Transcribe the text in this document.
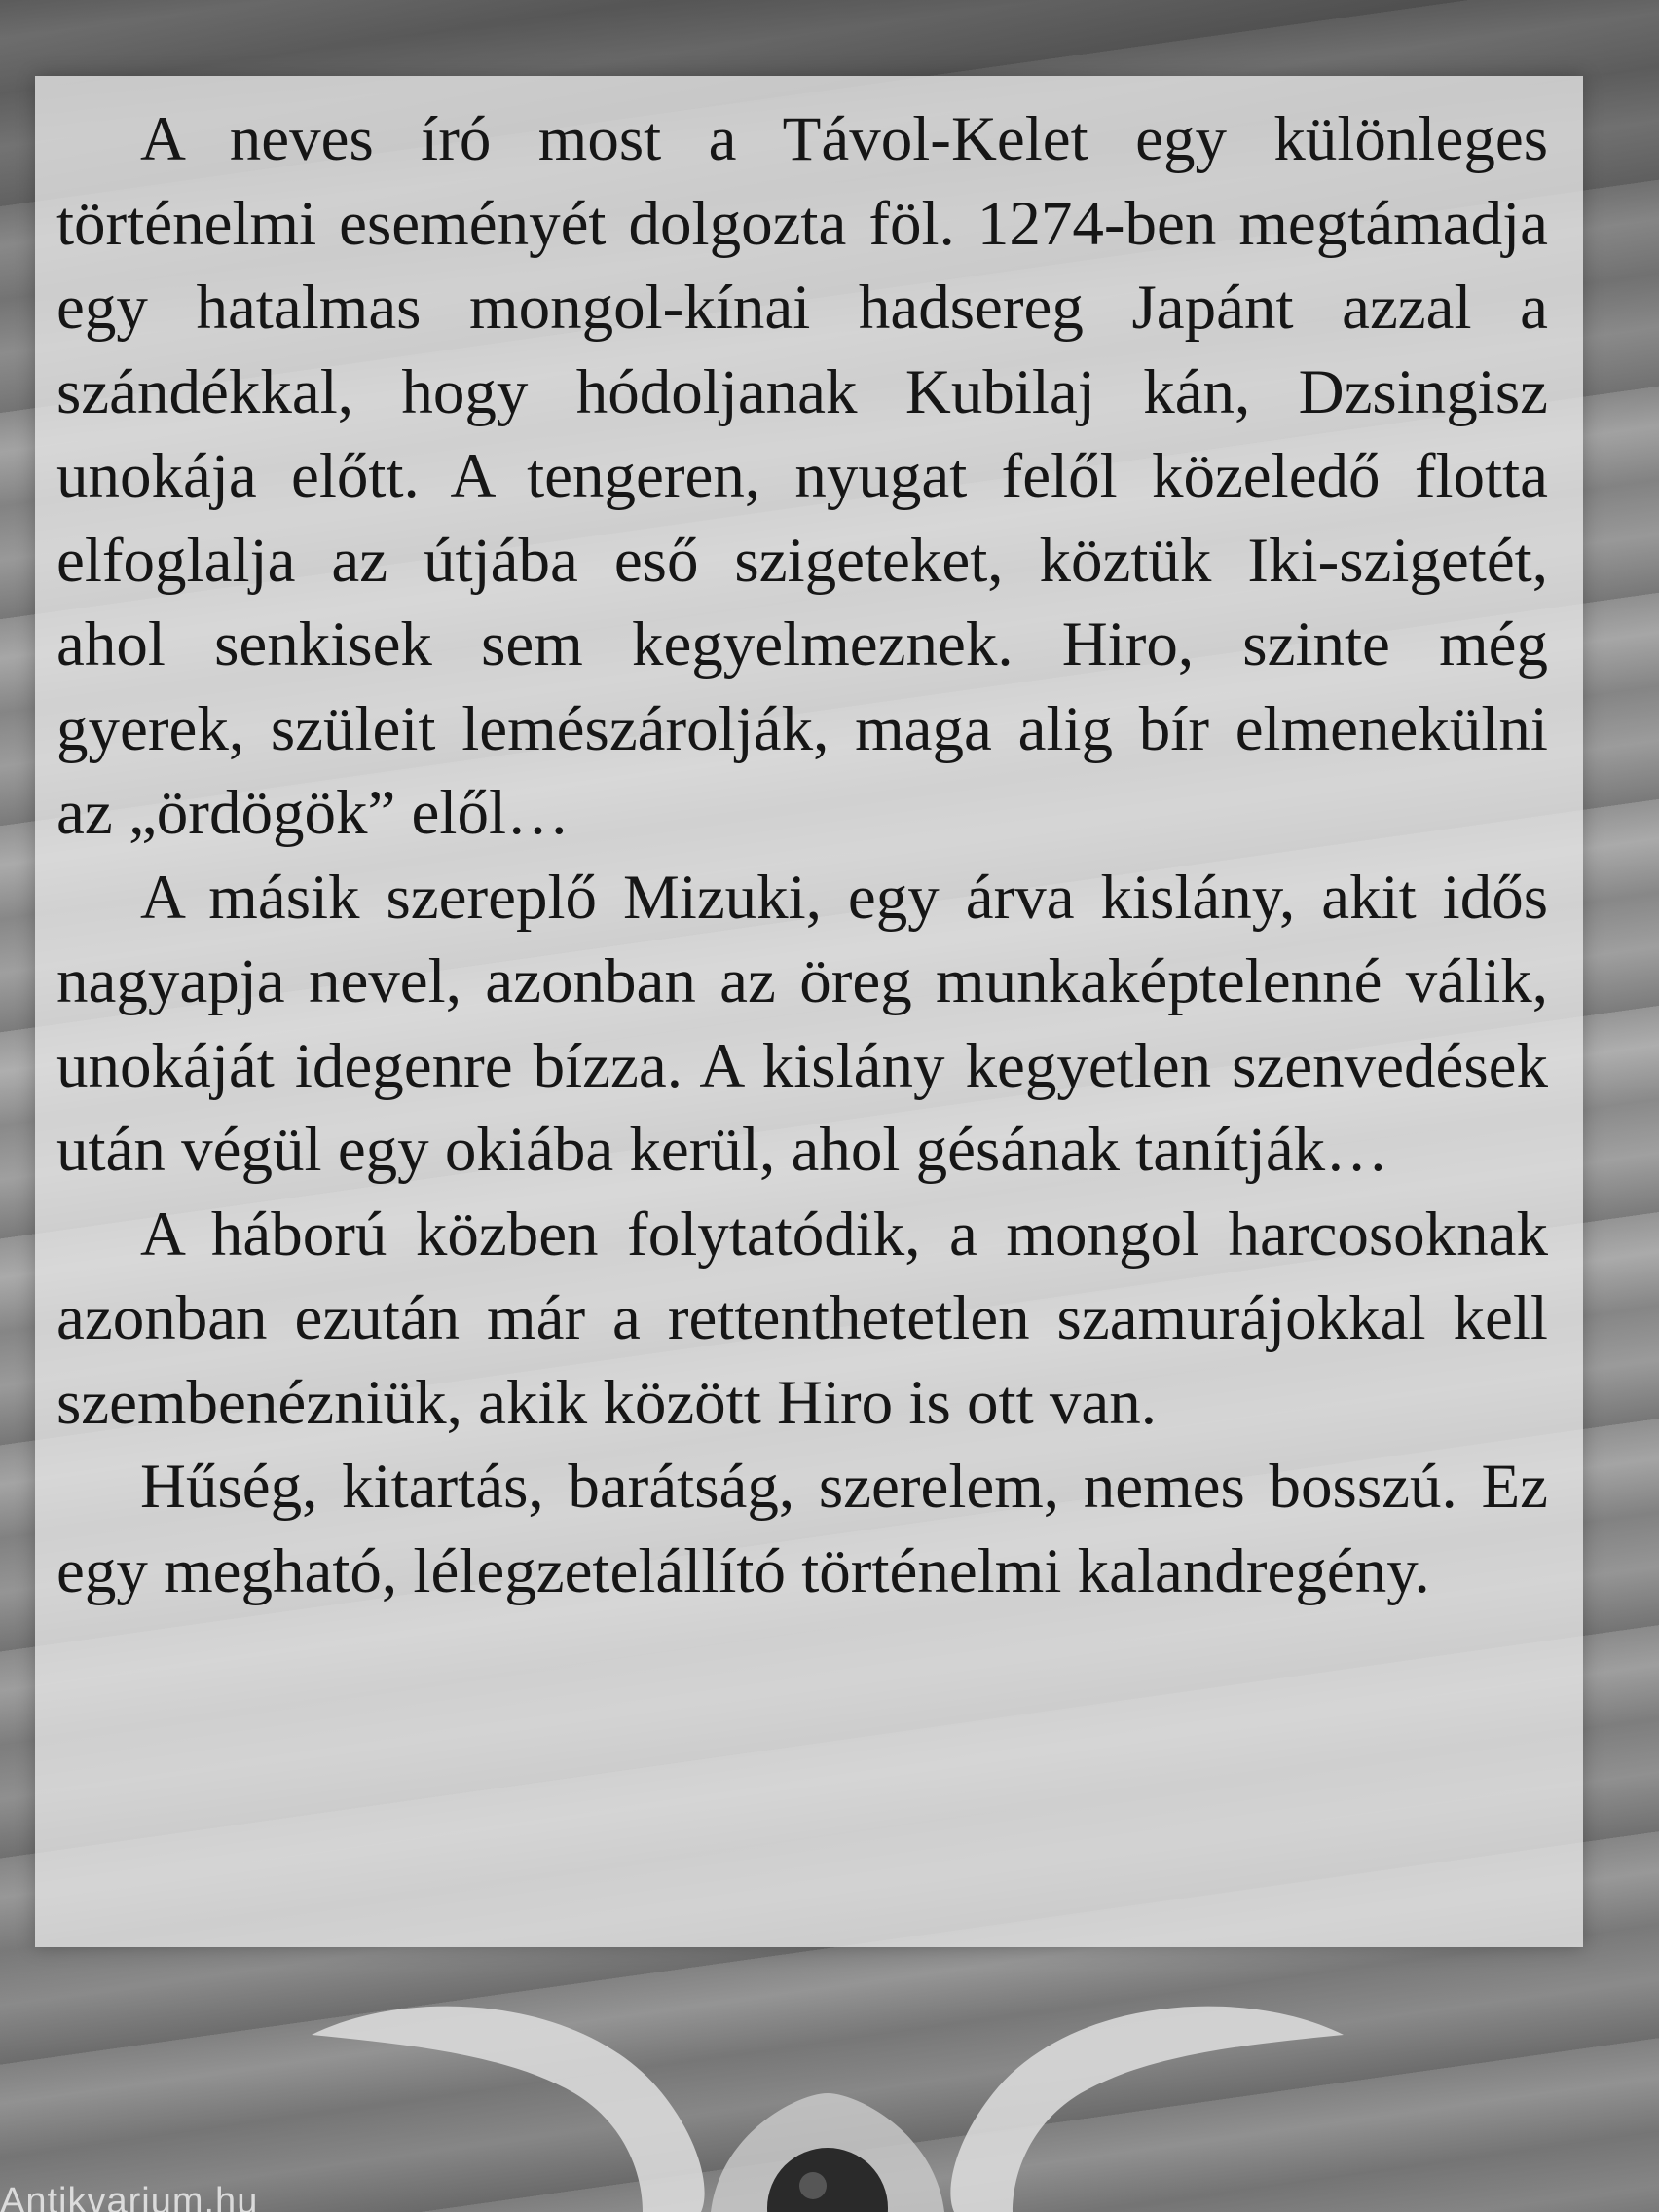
A neves író most a Távol-Kelet egy különleges történelmi eseményét dolgozta föl. 1274-ben megtámadja egy hatalmas mongol-kínai hadsereg Japánt azzal a szándékkal, hogy hódoljanak Kubilaj kán, Dzsingisz unokája előtt. A tengeren, nyugat felől közeledő flotta elfoglalja az útjába eső szigeteket, köztük Iki-szigetét, ahol senkisek sem kegyelmeznek. Hiro, szinte még gyerek, szüleit lemészárolják, maga alig bír elmenekülni az „ördögök” elől…

A másik szereplő Mizuki, egy árva kislány, akit idős nagyapja nevel, azonban az öreg munkaképtelenné válik, unokáját idegenre bízza. A kislány kegyetlen szenvedések után végül egy okiába kerül, ahol gésának tanítják…

A háború közben folytatódik, a mongol harcosoknak azonban ezután már a rettenthetetlen szamurájokkal kell szembenézniük, akik között Hiro is ott van.

Hűség, kitartás, barátság, szerelem, nemes bosszú. Ez egy megható, lélegzetelállító történelmi kalandregény.

Antikvarium.hu
